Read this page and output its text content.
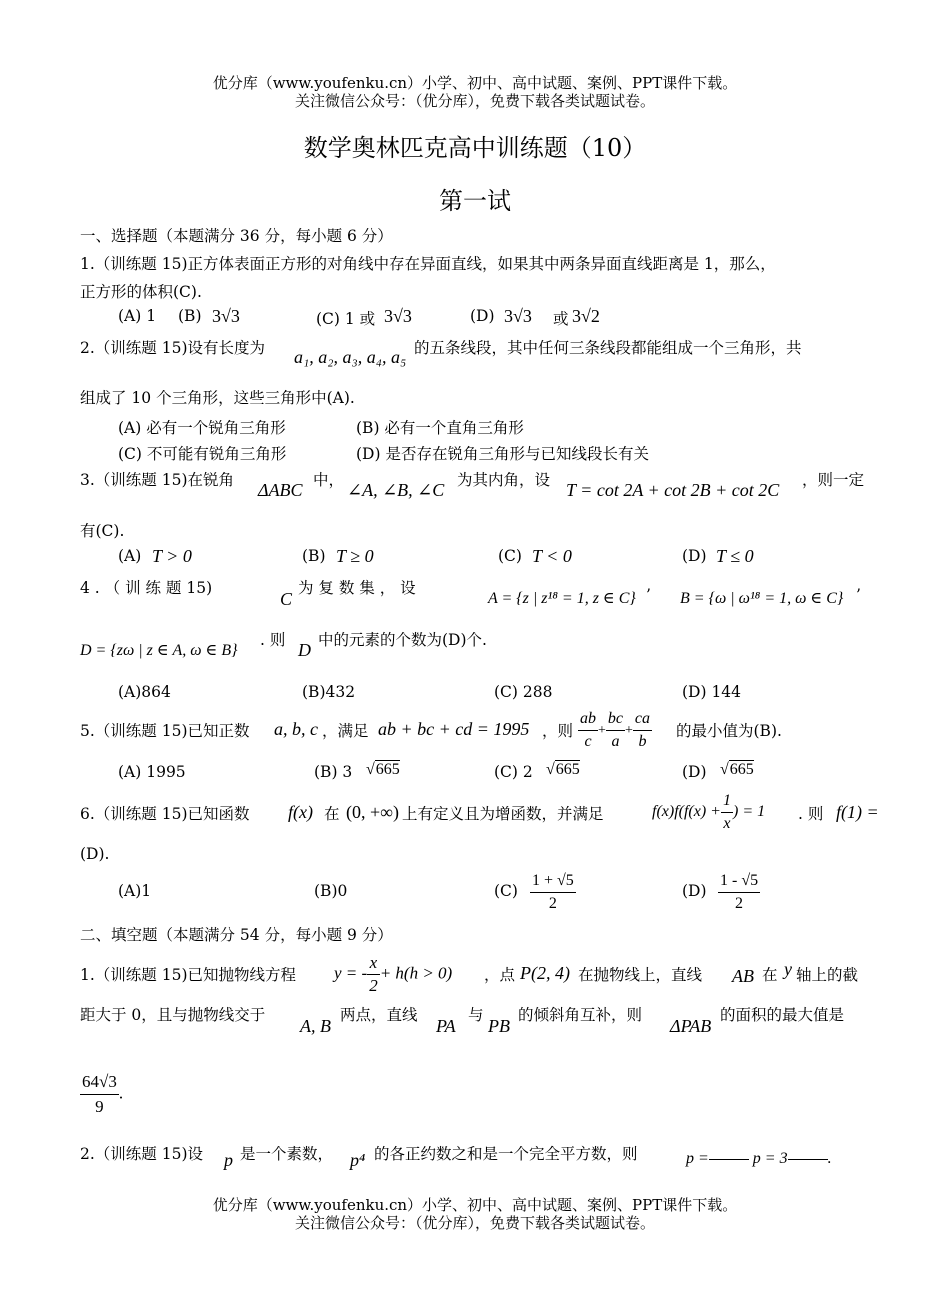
优分库（www.youfenku.cn）小学、初中、高中试题、案例、PPT课件下载。
关注微信公众号：（优分库），免费下载各类试题试卷。
数学奥林匹克高中训练题（10）
第一试
一、选择题（本题满分 36 分，每小题 6 分）
1.（训练题 15)正方体表面正方形的对角线中存在异面直线，如果其中两条异面直线距离是 1，那么，
正方形的体积(C).
(A) 1 (B) 3√3	(C) 1 或 3√3	(D) 3√3 或 3√2
2.（训练题 15)设有长度为 a₁, a₂, a₃, a₄, a₅ 的五条线段，其中任何三条线段都能组成一个三角形，共
组成了 10 个三角形，这些三角形中(A).
(A) 必有一个锐角三角形	(B) 必有一个直角三角形
(C) 不可能有锐角三角形	(D) 是否存在锐角三角形与已知线段长有关
3.（训练题 15)在锐角 ΔABC 中， ∠A, ∠B, ∠C 为其内角，设 T = cot 2A + cot 2B + cot 2C ，则一定
有(C).
(A) T > 0	(B) T ≥ 0	(C) T < 0	(D) T ≤ 0
4 . （ 训 练 题 15)
C
为 复 数 集 ， 设
A = {z | z¹⁸ = 1, z ∈ C} ’ B = {ω | ω¹⁸ = 1, ω ∈ C} ’
D = {zω | z ∈ A, ω ∈ B}
. 则 D 中的元素的个数为(D)个.
(A)864	(B)432	(C) 288	(D) 144
5.（训练题 15)已知正数 a, b, c ，满足 ab + bc + cd = 1995 ，则 $\frac{ab}{c} + \frac{bc}{a} + \frac{ca}{b}$ 的最小值为(B).
(A) 1995	(B) 3 √665	(C) 2 √665	(D) √665
6.（训练题 15)已知函数 f(x) 在 (0, +∞) 上有定义且为增函数，并满足	$f(x)f(f(x) + \frac{1}{x}$ ) = 1 . 则 f(1) =
(D).
(A)1	(B)0	$(C) \frac{1 + √5}{2}$	$(D) \frac{1 - √5}{2}$
二、填空题（本题满分 54 分，每小题 9 分）
1.（训练题 15)已知抛物线方程 y = - $\frac{x}{2} + h(h > 0)$ ，点 P(2, 4) 在抛物线上，直线 AB 在 y 轴上的截
距大于 0，且与抛物线交于
A, B
两点，直线
PA
与
PB
的倾斜角互补，则
ΔPAB
的面积的最大值是
$\frac{64√3}{9}$ .
2.（训练题 15)设 p 是一个素数， p⁴ 的各正约数之和是一个完全平方数，则	p =	p = 3	.
优分库（www.youfenku.cn）小学、初中、高中试题、案例、PPT课件下载。
关注微信公众号：（优分库），免费下载各类试题试卷。
